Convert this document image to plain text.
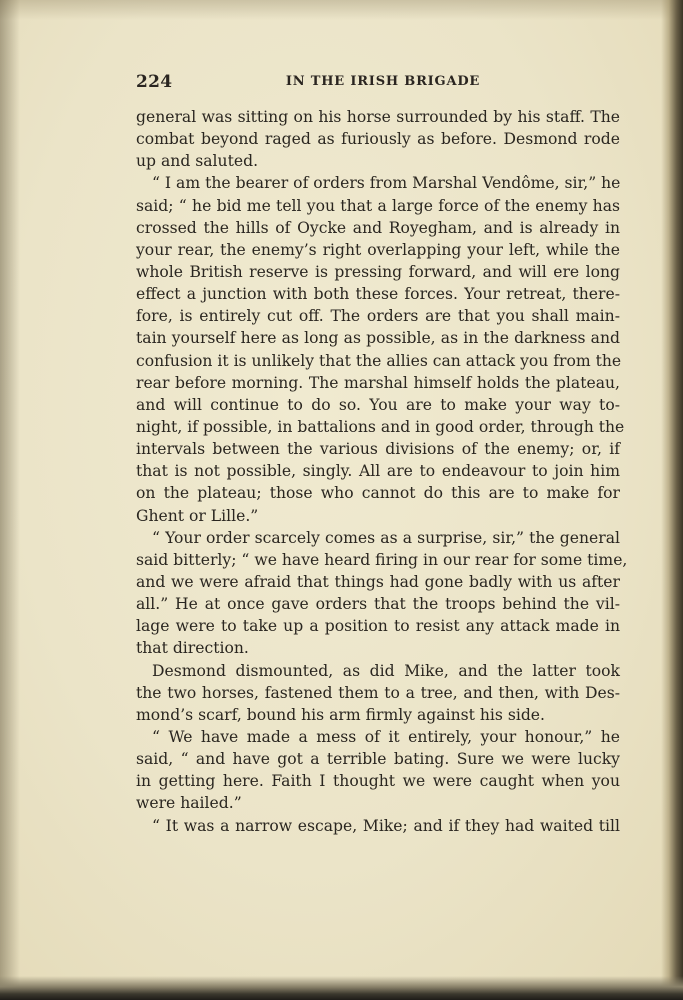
224	IN THE IRISH BRIGADE
general was sitting on his horse surrounded by his staff. The
combat beyond raged as furiously as before. Desmond rode
up and saluted.
“ I am the bearer of orders from Marshal Vendôme, sir,” he
said; “ he bid me tell you that a large force of the enemy has
crossed the hills of Oycke and Royegham, and is already in
your rear, the enemy’s right overlapping your left, while the
whole British reserve is pressing forward, and will ere long
effect a junction with both these forces. Your retreat, there-
fore, is entirely cut off. The orders are that you shall main-
tain yourself here as long as possible, as in the darkness and
confusion it is unlikely that the allies can attack you from the
rear before morning. The marshal himself holds the plateau,
and will continue to do so. You are to make your way to-
night, if possible, in battalions and in good order, through the
intervals between the various divisions of the enemy; or, if
that is not possible, singly. All are to endeavour to join him
on the plateau; those who cannot do this are to make for
Ghent or Lille.”
“ Your order scarcely comes as a surprise, sir,” the general
said bitterly; “ we have heard firing in our rear for some time,
and we were afraid that things had gone badly with us after
all.” He at once gave orders that the troops behind the vil-
lage were to take up a position to resist any attack made in
that direction.
Desmond dismounted, as did Mike, and the latter took
the two horses, fastened them to a tree, and then, with Des-
mond’s scarf, bound his arm firmly against his side.
“ We have made a mess of it entirely, your honour,” he
said, “ and have got a terrible bating. Sure we were lucky
in getting here. Faith I thought we were caught when you
were hailed.”
“ It was a narrow escape, Mike; and if they had waited till
